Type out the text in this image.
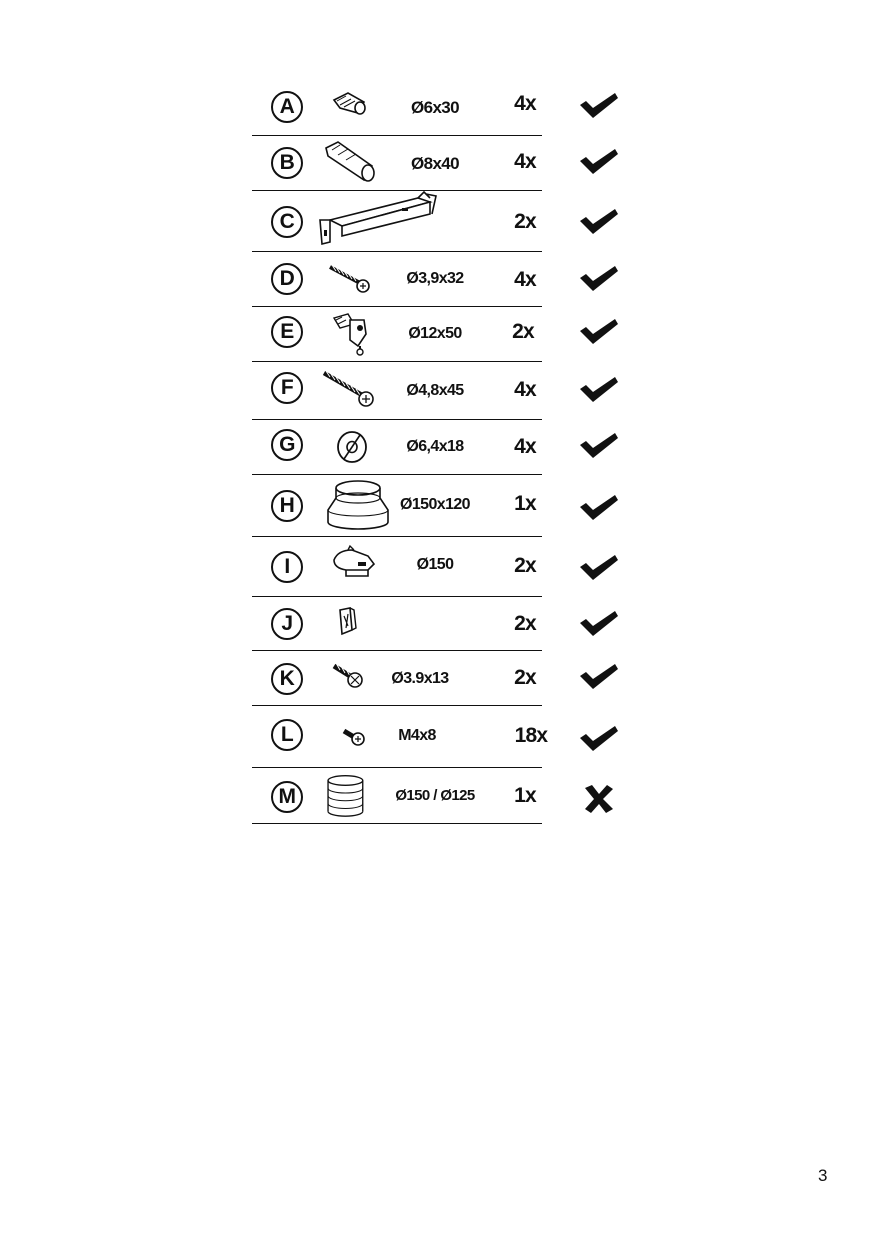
A	Ø6x30	4x
B	Ø8x40	4x
C	2x
D	Ø3,9x32	4x
E	Ø12x50	2x
F	Ø4,8x45	4x
G	Ø6,4x18	4x
H	Ø150x120	1x
I	Ø150	2x
J	2x
K	Ø3.9x13	2x
L	M4x8	18x
M	Ø150 / Ø125	1x
3
